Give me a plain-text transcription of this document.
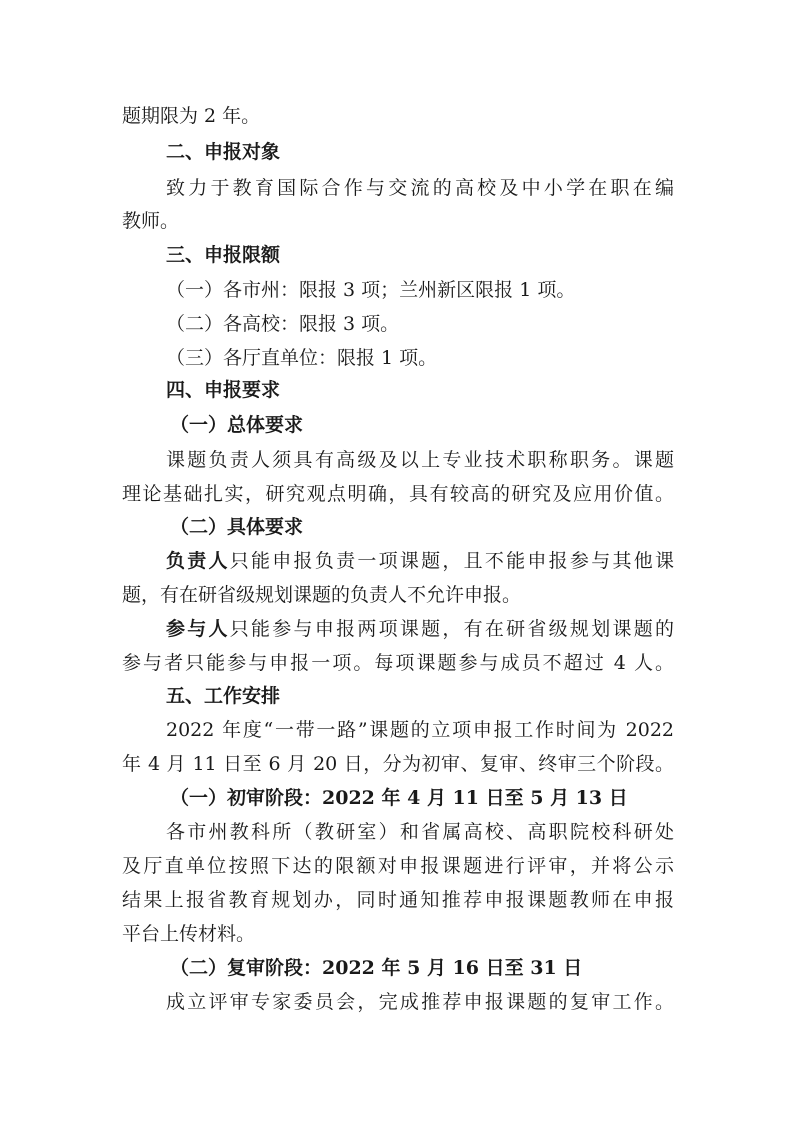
题期限为 2 年。
二、申报对象
致力于教育国际合作与交流的高校及中小学在职在编
教师。
三、申报限额
（一）各市州：限报 3 项；兰州新区限报 1 项。
（二）各高校：限报 3 项。
（三）各厅直单位：限报 1 项。
四、申报要求
（一）总体要求
课题负责人须具有高级及以上专业技术职称职务。课题
理论基础扎实，研究观点明确，具有较高的研究及应用价值。
（二）具体要求
负责人只能申报负责一项课题，且不能申报参与其他课
题，有在研省级规划课题的负责人不允许申报。
参与人只能参与申报两项课题，有在研省级规划课题的
参与者只能参与申报一项。每项课题参与成员不超过 4 人。
五、工作安排
2022 年度“一带一路”课题的立项申报工作时间为 2022
年 4 月 11 日至 6 月 20 日，分为初审、复审、终审三个阶段。
（一）初审阶段：2022 年 4 月 11 日至 5 月 13 日
各市州教科所（教研室）和省属高校、高职院校科研处
及厅直单位按照下达的限额对申报课题进行评审，并将公示
结果上报省教育规划办，同时通知推荐申报课题教师在申报
平台上传材料。
（二）复审阶段：2022 年 5 月 16 日至 31 日
成立评审专家委员会，完成推荐申报课题的复审工作。
